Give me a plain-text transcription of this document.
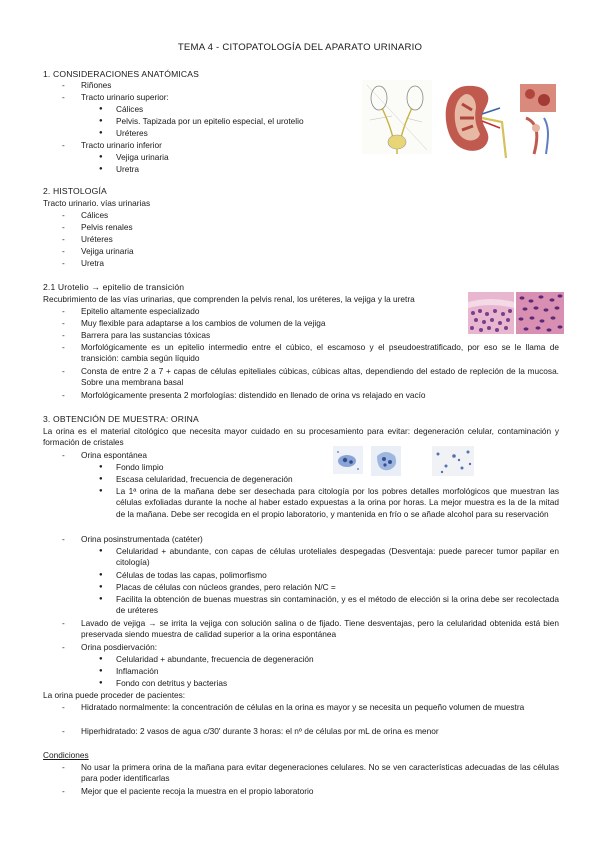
TEMA 4 - CITOPATOLOGÍA DEL APARATO URINARIO
1. CONSIDERACIONES ANATÓMICAS
- Riñones
- Tracto urinario superior:
● Cálices
● Pelvis. Tapizada por un epitelio especial, el urotelio
● Uréteres
- Tracto urinario inferior
● Vejiga urinaria
● Uretra
2. HISTOLOGÍA
Tracto urinario. vías urinarias
- Cálices
- Pelvis renales
- Uréteres
- Vejiga urinaria
- Uretra
2.1 Urotelio → epitelio de transición
Recubrimiento de las vías urinarias, que comprenden la pelvis renal, los uréteres, la vejiga y la uretra
- Epitelio altamente especializado
- Muy flexible para adaptarse a los cambios de volumen de la vejiga
- Barrera para las sustancias tóxicas
- Morfológicamente es un epitelio intermedio entre el cúbico, el escamoso y el pseudoestratificado, por eso se le llama de transición: cambia según líquido

- Consta de entre 2 a 7 + capas de células epiteliales cúbicas, cúbicas altas, dependiendo del estado de repleción de la mucosa. Sobre una membrana basal

- Morfológicamente presenta 2 morfologías: distendido en llenado de orina vs relajado en vacío
3. OBTENCIÓN DE MUESTRA: ORINA

La orina es el material citológico que necesita mayor cuidado en su procesamiento para evitar: degeneración celular, contaminación y formación de cristales

- Orina espontánea
● Fondo limpio
● Escasa celularidad, frecuencia de degeneración

● La 1ª orina de la mañana debe ser desechada para citología por los pobres detalles morfológicos que muestran las células exfoliadas durante la noche al haber estado expuestas a la orina por horas. La mejor muestra es la de la mitad de la mañana. Debe ser recogida en el propio laboratorio, y mantenida en frío o se añade alcohol para su reservación

- Orina posinstrumentada (catéter)

● Celularidad + abundante, con capas de células uroteliales despegadas (Desventaja: puede parecer tumor papilar en citología)

● Células de todas las capas, polimorfismo
● Placas de células con núcleos grandes, pero relación N/C =

● Facilita la obtención de buenas muestras sin contaminación, y es el método de elección si la orina debe ser recolectada de uréteres

- Lavado de vejiga → se irrita la vejiga con solución salina o de fijado. Tiene desventajas, pero la celularidad obtenida está bien preservada siendo muestra de calidad superior a la orina espontánea

- Orina posdiervación:
● Celularidad + abundante, frecuencia de degeneración
● Inflamación
● Fondo con detritus y bacterias
La orina puede proceder de pacientes:
- Hidratado normalmente: la concentración de células en la orina es mayor y se necesita un pequeño volumen de muestra

- Hiperhidratado: 2 vasos de agua c/30' durante 3 horas: el nº de células por mL de orina es menor
Condiciones
- No usar la primera orina de la mañana para evitar degeneraciones celulares. No se ven características adecuadas de las células para poder identificarlas

- Mejor que el paciente recoja la muestra en el propio laboratorio
